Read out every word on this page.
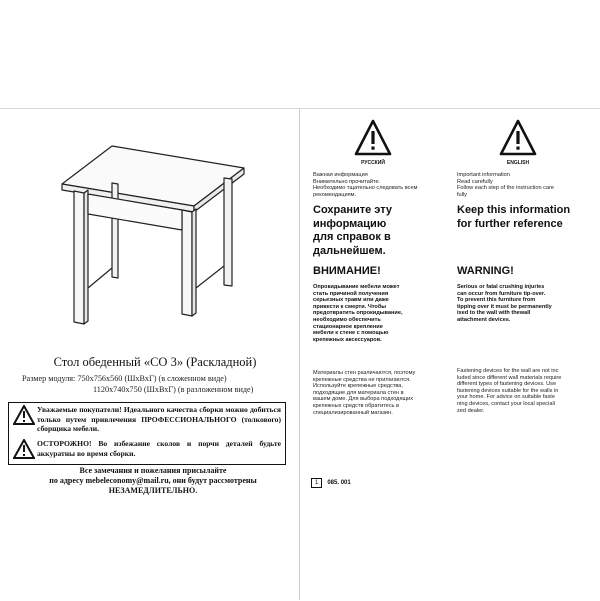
Стол обеденный «СО 3» (Раскладной)
Размер модуля: 750х756х560 (ШхВхГ) (в сложенном виде)
1120х740х750 (ШхВхГ) (в разложенном виде)
Уважаемые покупатели! Идеального качества сборки можно добиться только путем привлечения ПРОФЕССИОНАЛЬНОГО (толкового) сборщика мебели.
ОСТОРОЖНО! Во избежание сколов и порчи деталей будьте аккуратны во время сборки.
Все замечания и пожелания присылайте
по адресу mebeleconomy@mail.ru, они будут рассмотрены
НЕЗАМЕДЛИТЕЛЬНО.
РУССКИЙ
Важная информация
Внимательно прочитайте.
Необходимо тщательно следовать всем
рекомендациям.
Сохраните эту
информацию
для справок в
дальнейшем.
ВНИМАНИЕ!
Опрокидывание мебели может
стать причиной получения
серьезных травм или даже
привести к смерти. Чтобы
предотвратить опрокидывание,
необходимо обеспечить
стационарное крепление
мебели к стене с помощью
крепежных аксессуаров.
Материалы стен различаются, поэтому
крепежные средства не прилагаются.
Используйте крепежные средства,
подходящие для материала стен в
вашем доме. Для выбора подходящих
крепежных средств обратитесь в
специализированный магазин.
ENGLISH
Important information
Read carefully
Follow each step of the instruction care
fully
Keep this information
for further reference
WARNING!
Serious or fatal crushing injuries
can occur from furniture tip-over.
To prevent this furniture from
tipping over it must be permanently
ixed to the wall with thewall
attachment devices.
Fastening devices for the wall are not inc
luded since different wall materials require
different types of fastening devices. Use
fastening devices suitable for the walls in
your home. For advice on suitable faste
ning devices, contact your local speciali
zed dealer.
1 085. 001
